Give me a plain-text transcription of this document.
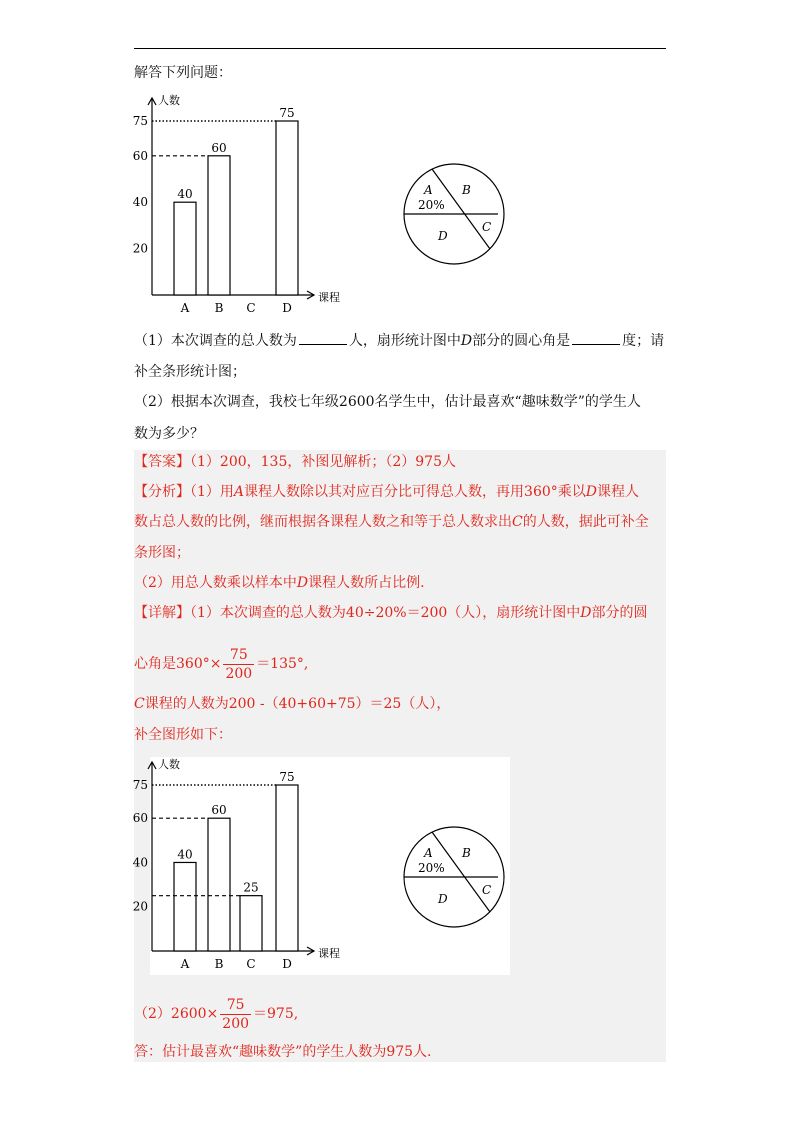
解答下列问题：
人数
课程
20
40
60
75
A
40
B
60
C D
75
A
20%
B
C
D
（1）本次调查的总人数为	人，扇形统计图中D部分的圆心角是	度；请
补全条形统计图；
（2）根据本次调查，我校七年级2600名学生中，估计最喜欢“趣味数学”的学生人
数为多少？
【答案】（1）200，135，补图见解析；（2）975人
【分析】（1）用A课程人数除以其对应百分比可得总人数，再用360°乘以D课程人
数占总人数的比例，继而根据各课程人数之和等于总人数求出C的人数，据此可补全
条形图；
（2）用总人数乘以样本中D课程人数所占比例.
【详解】（1）本次调查的总人数为40÷20%＝200（人），扇形统计图中D部分的圆
心角是$360^\circ\times \frac{75}{200} =135^\circ$,
C课程的人数为200 -（40+60+75）＝25（人），
补全图形如下：
人数
课程
20
40
60
75
A
40
B
60
C
25
D
75
A
20%
B
C
D
$(2)2600\times \frac{75}{200} =975$,
答：估计最喜欢“趣味数学”的学生人数为975人.
